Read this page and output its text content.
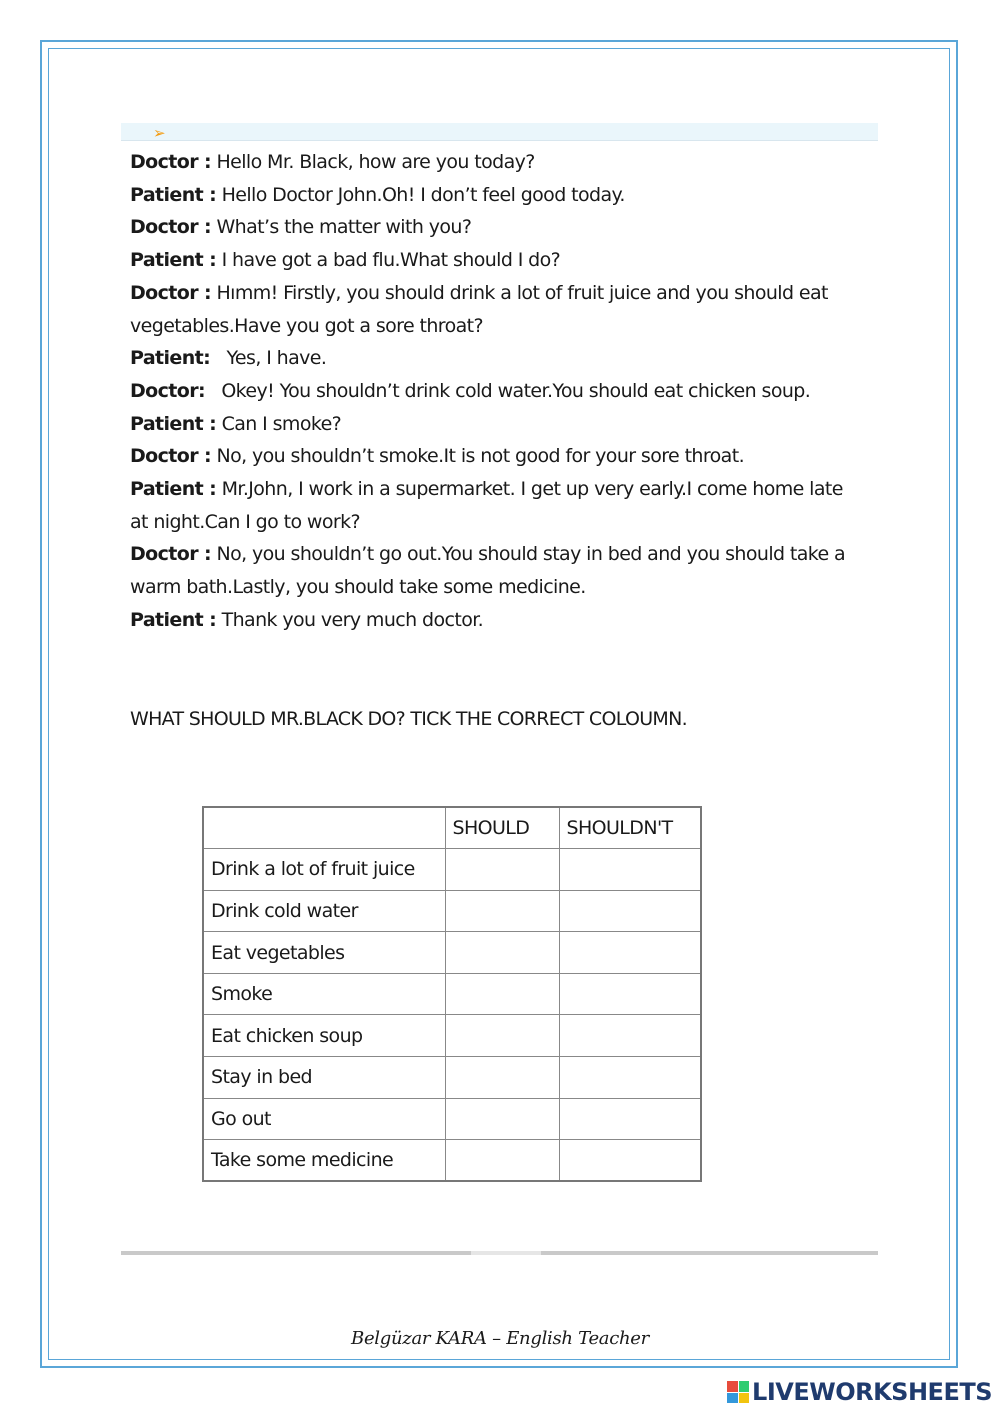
➢
Doctor : Hello Mr. Black, how are you today?
Patient : Hello Doctor John.Oh! I don’t feel good today.
Doctor : What’s the matter with you?
Patient : I have got a bad flu.What should I do?
Doctor : Hımm! Firstly, you should drink a lot of fruit juice and you should eat
vegetables.Have you got a sore throat?
Patient:   Yes, I have.
Doctor:   Okey! You shouldn’t drink cold water.You should eat chicken soup.
Patient : Can I smoke?
Doctor : No, you shouldn’t smoke.It is not good for your sore throat.
Patient : Mr.John, I work in a supermarket. I get up very early.I come home late
at night.Can I go to work?
Doctor : No, you shouldn’t go out.You should stay in bed and you should take a
warm bath.Lastly, you should take some medicine.
Patient : Thank you very much doctor.
WHAT SHOULD MR.BLACK DO? TICK THE CORRECT COLOUMN.
	SHOULD	SHOULDN'T
Drink a lot of fruit juice		
Drink cold water		
Eat vegetables		
Smoke		
Eat chicken soup		
Stay in bed		
Go out		
Take some medicine		
Belgüzar KARA – English Teacher
LIVEWORKSHEETS
